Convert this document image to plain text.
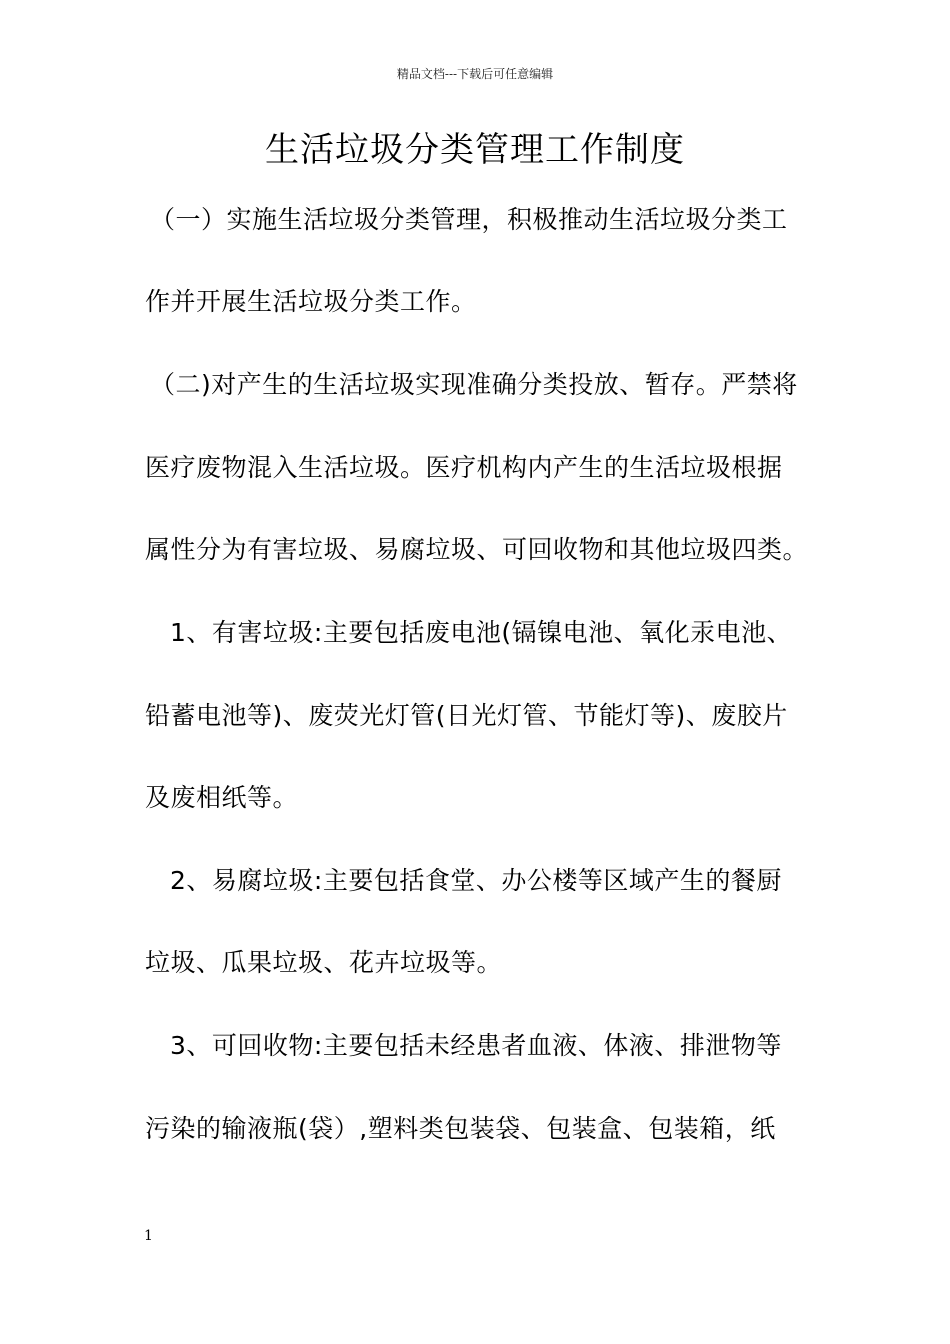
精品文档---下载后可任意编辑
生活垃圾分类管理工作制度
（一）实施生活垃圾分类管理，积极推动生活垃圾分类工
作并开展生活垃圾分类工作。
（二)对产生的生活垃圾实现准确分类投放、暂存。严禁将
医疗废物混入生活垃圾。医疗机构内产生的生活垃圾根据
属性分为有害垃圾、易腐垃圾、可回收物和其他垃圾四类。
1、有害垃圾:主要包括废电池(镉镍电池、氧化汞电池、
铅蓄电池等)、废荧光灯管(日光灯管、节能灯等)、废胶片
及废相纸等。
2、易腐垃圾:主要包括食堂、办公楼等区域产生的餐厨
垃圾、瓜果垃圾、花卉垃圾等。
3、可回收物:主要包括未经患者血液、体液、排泄物等
污染的输液瓶(袋）,塑料类包装袋、包装盒、包装箱，纸
1
